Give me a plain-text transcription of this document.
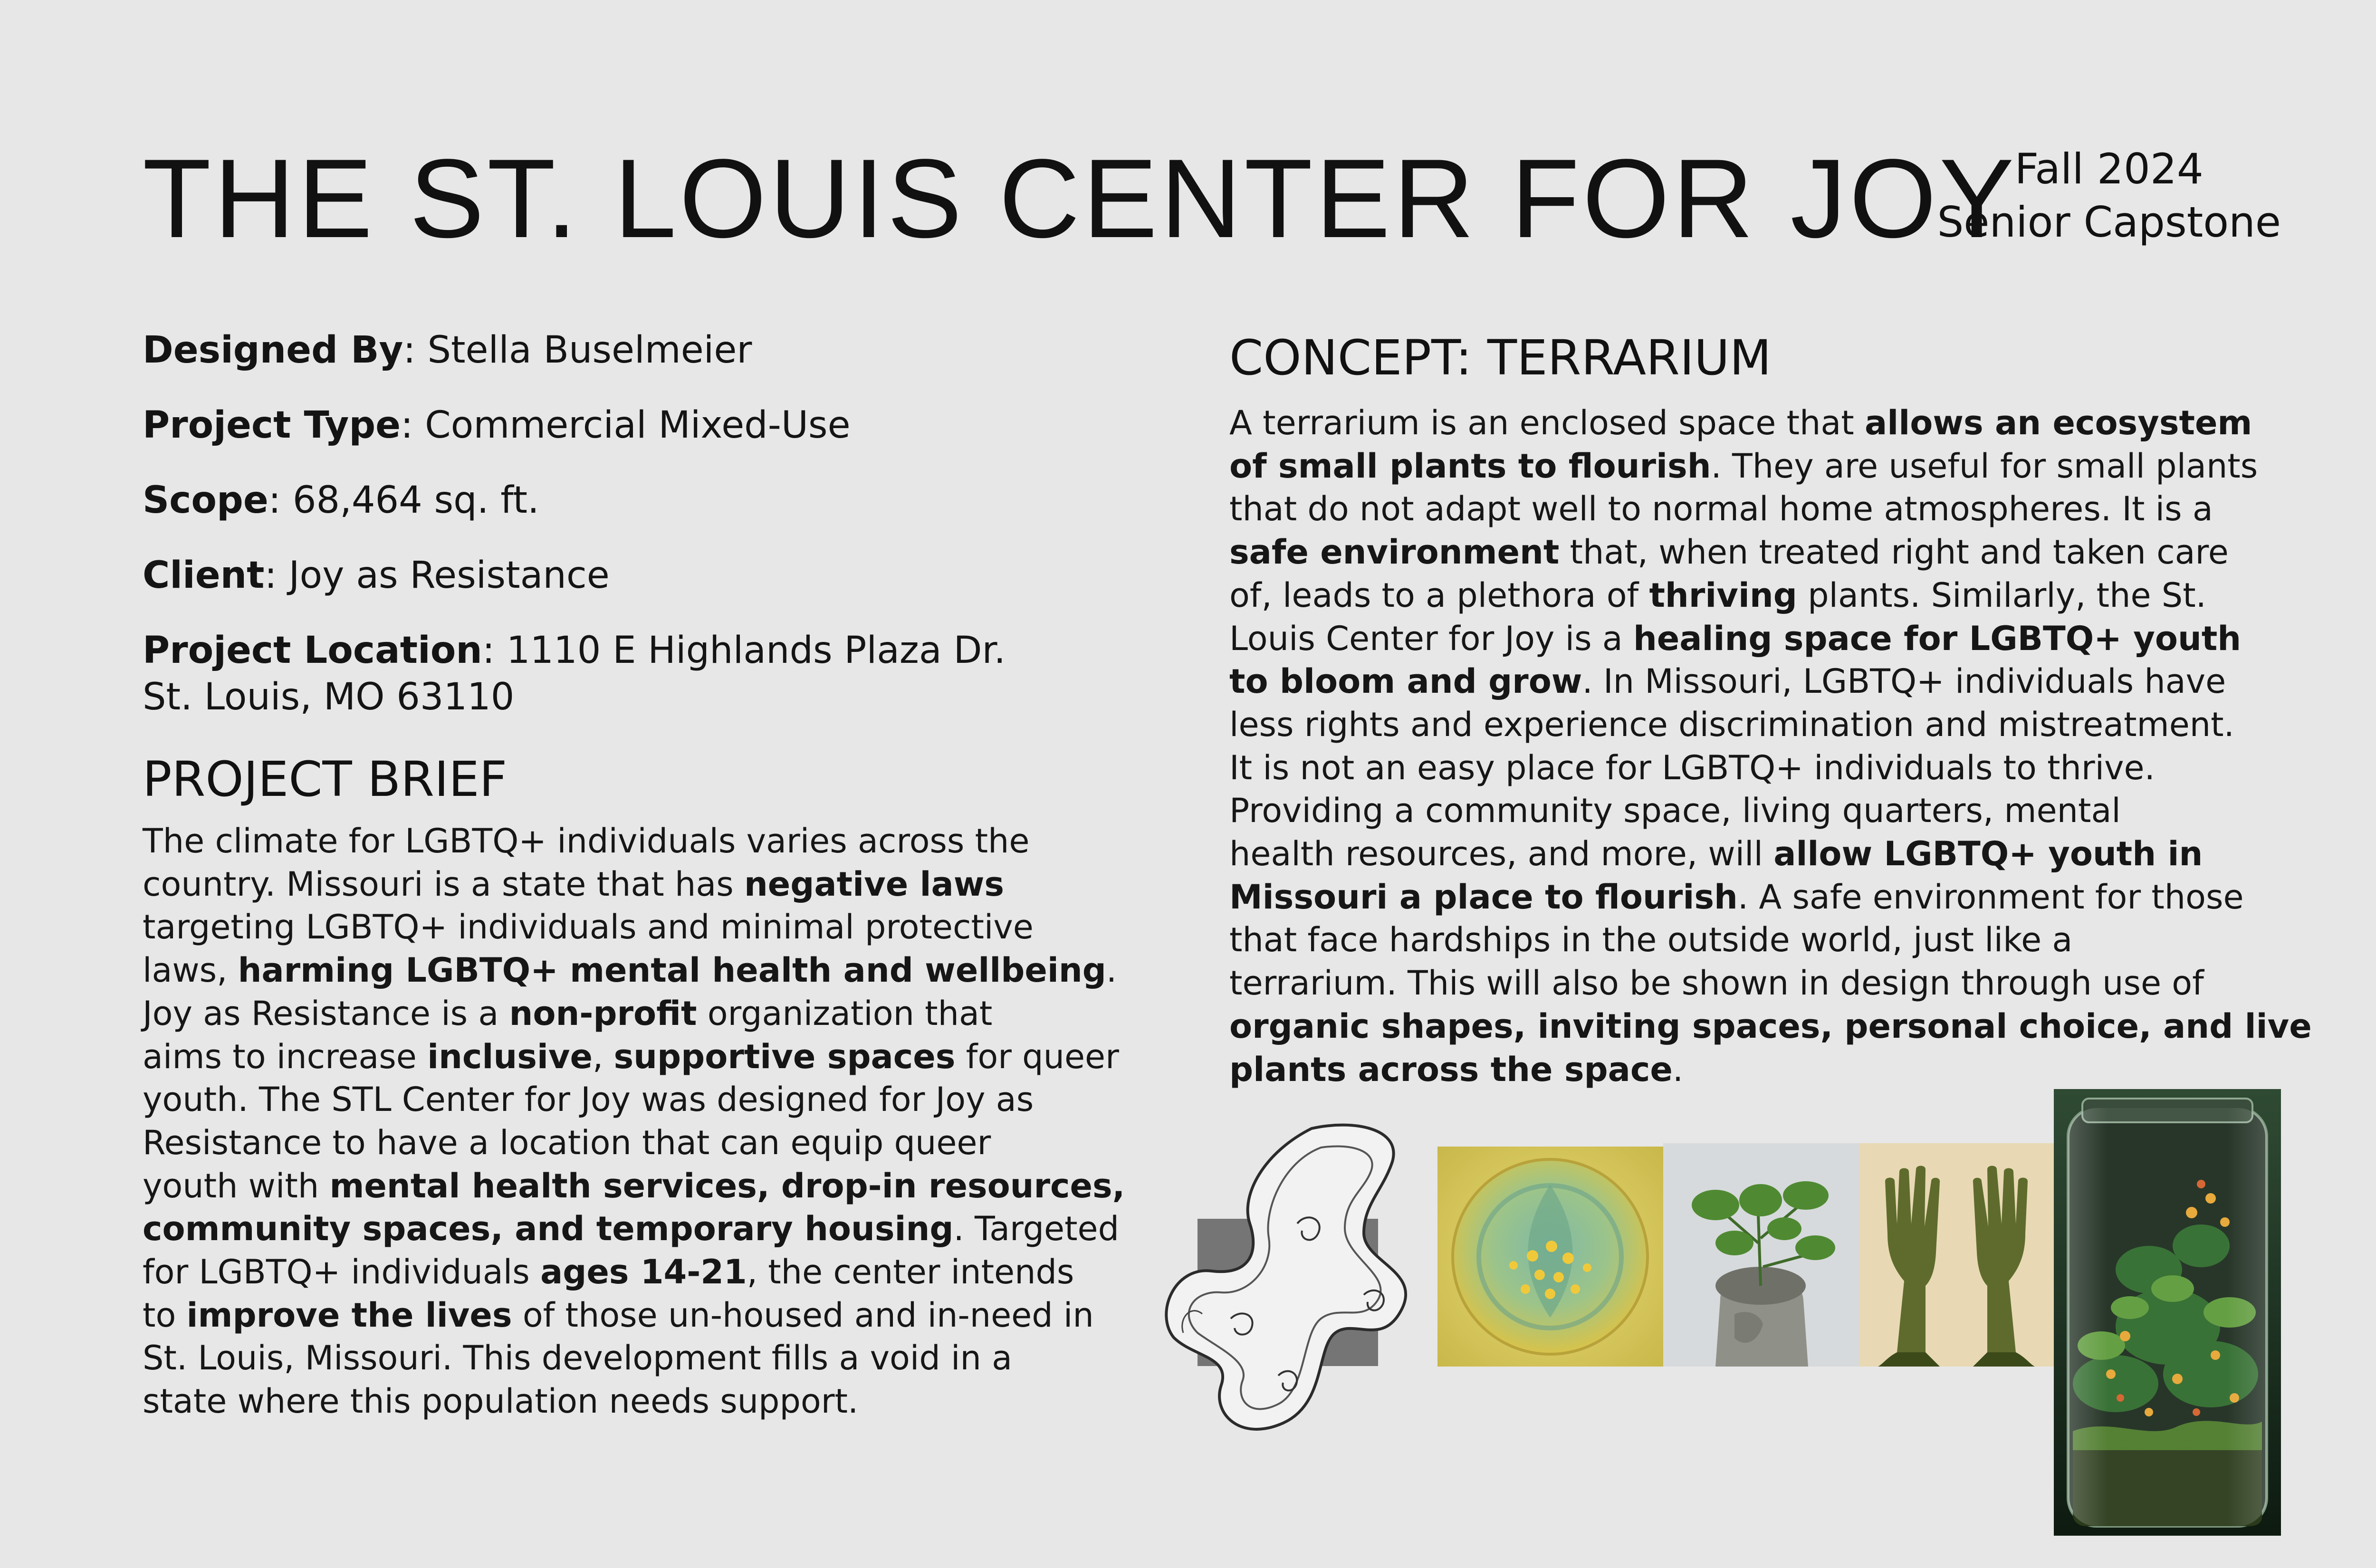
THE ST. LOUIS CENTER FOR JOY
Fall 2024
Senior Capstone
Designed By: Stella Buselmeier
Project Type: Commercial Mixed-Use
Scope: 68,464 sq. ft.
Client: Joy as Resistance
Project Location: 1110 E Highlands Plaza Dr.
St. Louis, MO 63110
PROJECT BRIEF
The climate for LGBTQ+ individuals varies across the
country. Missouri is a state that has negative laws
targeting LGBTQ+ individuals and minimal protective
laws, harming LGBTQ+ mental health and wellbeing.
Joy as Resistance is a non-profit organization that
aims to increase inclusive, supportive spaces for queer
youth. The STL Center for Joy was designed for Joy as
Resistance to have a location that can equip queer
youth with mental health services, drop-in resources,
community spaces, and temporary housing. Targeted
for LGBTQ+ individuals ages 14-21, the center intends
to improve the lives of those un-housed and in-need in
St. Louis, Missouri. This development fills a void in a
state where this population needs support.
CONCEPT: TERRARIUM
A terrarium is an enclosed space that allows an ecosystem
of small plants to flourish. They are useful for small plants
that do not adapt well to normal home atmospheres. It is a
safe environment that, when treated right and taken care
of, leads to a plethora of thriving plants. Similarly, the St.
Louis Center for Joy is a healing space for LGBTQ+ youth
to bloom and grow. In Missouri, LGBTQ+ individuals have
less rights and experience discrimination and mistreatment.
It is not an easy place for LGBTQ+ individuals to thrive.
Providing a community space, living quarters, mental
health resources, and more, will allow LGBTQ+ youth in
Missouri a place to flourish. A safe environment for those
that face hardships in the outside world, just like a
terrarium. This will also be shown in design through use of
organic shapes, inviting spaces, personal choice, and live
plants across the space.
